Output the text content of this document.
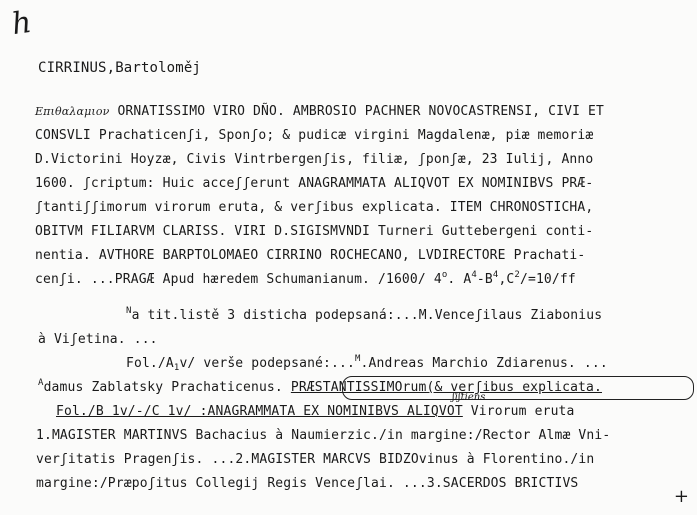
h
CIRRINUS,Bartoloměj
Επιθαλαμιον ORNATISSIMO VIRO DÑO. AMBROSIO PACHNER NOVOCASTRENSI, CIVI ET
CONSVLI Prachaticenʃi, Sponʃo; & pudicæ virgini Magdalenæ, piæ memoriæ
D.Victorini Hoyzæ, Civis Vintrbergenʃis, filiæ, ʃponʃæ, 23 Iulij, Anno
1600. ʃcriptum: Huic acceʃʃerunt ANAGRAMMATA ALIQVOT EX NOMINIBVS PRÆ-
ʃtantiʃʃimorum virorum eruta, & verʃibus explicata. ITEM CHRONOSTICHA,
OBITVM FILIARVM CLARISS. VIRI D.SIGISMVNDI Turneri Guttebergeni conti-
nentia. AVTHORE BARPTOLOMAEO CIRRINO ROCHECANO, LVDIRECTORE Prachati-
cenʃi. ...PRAGÆ Apud hæredem Schumanianum. /1600/ 4$^o$. $A^4-B^4,C^2/=10/ff$
$^N$a tit.listě 3 disticha podepsaná:...M.Venceʃilaus Ziabonius
à Viʃetina. ...
$Fol./A_1v/$ verše podepsané:...$^M$.Andreas Marchio Zdiarenus. ...
$^A$damus Zablatsky Prachaticenus. PRÆSTANTISSIMOrum(& verʃibus explicata.
ʃiʃtiens
Fol./B 1v/-/C 1v/ :ANAGRAMMATA EX NOMINIBVS ALIQVOT Virorum eruta
1.MAGISTER MARTINVS Bachacius à Naumierzic./in margine:/Rector Almæ Vni-
verʃitatis Pragenʃis. ...2.MAGISTER MARCVS BIDZOvinus à Florentino./in
margine:/Præpoʃitus Collegij Regis Venceʃlai. ...3.SACERDOS BRICTIVS
+
